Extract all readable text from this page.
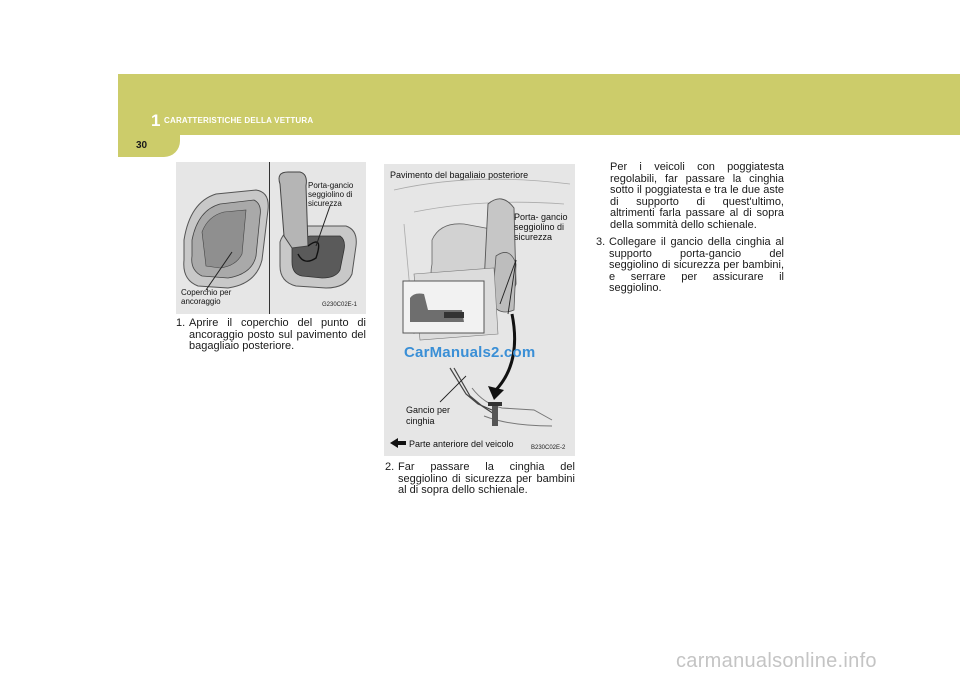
1 CARATTERISTICHE DELLA VETTURA
30
Porta-gancio seggiolino di sicurezza
Coperchio per ancoraggio	G230C02E-1
Pavimento del bagaliaio posteriore
Porta- gancio seggiolino di sicurezza
CarManuals2.com
Gancio per cinghia
Parte anteriore del veicolo	B230C02E-2
1. Aprire il coperchio del punto di ancoraggio posto sul pavimento del bagagliaio posteriore.
2. Far passare la cinghia del seggiolino di sicurezza per bambini al di sopra dello schienale.
Per i veicoli con poggiatesta regolabili, far passare la cinghia sotto il poggiatesta e tra le due aste di supporto di quest'ultimo, altrimenti farla passare al di sopra della sommità dello schienale.
3. Collegare il gancio della cinghia al supporto porta-gancio del seggiolino di sicurezza per bambini, e serrare per assicurare il seggiolino.
carmanualsonline.info
